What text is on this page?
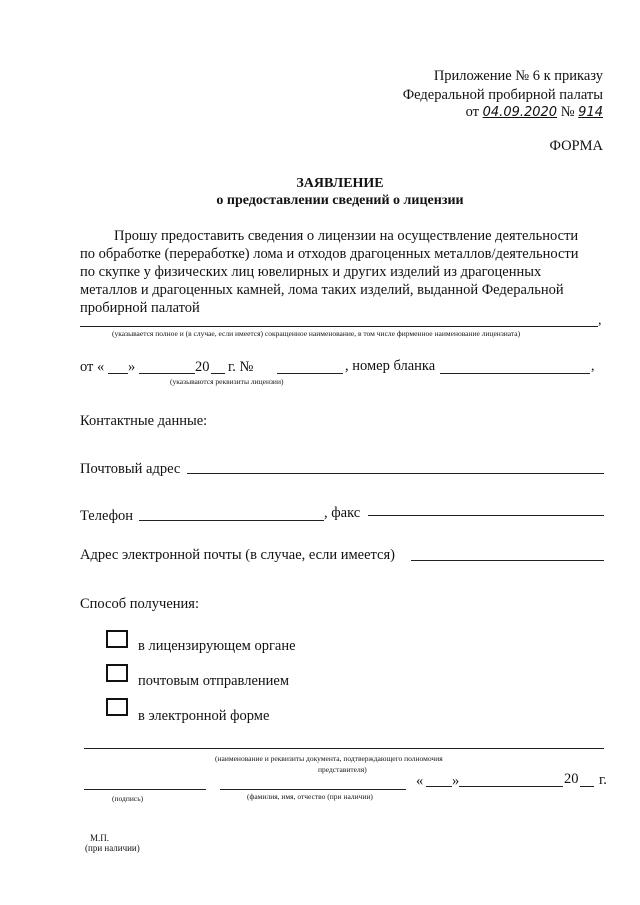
Приложение № 6 к приказу
Федеральной пробирной палаты
от 04.09.2020 № 914
ФОРМА
ЗАЯВЛЕНИЕ
о предоставлении сведений о лицензии
Прошу предоставить сведения о лицензии на осуществление деятельности
по обработке (переработке) лома и отходов драгоценных металлов/деятельности
по скупке у физических лиц ювелирных и других изделий из драгоценных
металлов и драгоценных камней, лома таких изделий, выданной Федеральной
пробирной палатой
,
(указывается полное и (в случае, если имеется) сокращенное наименование, в том числе фирменное наименование лицензиата)
от « »	20 г. №	, номер бланка	,
(указываются реквизиты лицензии)
Контактные данные:
Почтовый адрес
Телефон	, факс
Адрес электронной почты (в случае, если имеется)
Способ получения:
в лицензирующем органе
почтовым отправлением
в электронной форме
(наименование и реквизиты документа, подтверждающего полномочия
представителя)
« »	20 г.
(подпись)	(фамилия, имя, отчество (при наличии)
М.П.
(при наличии)
